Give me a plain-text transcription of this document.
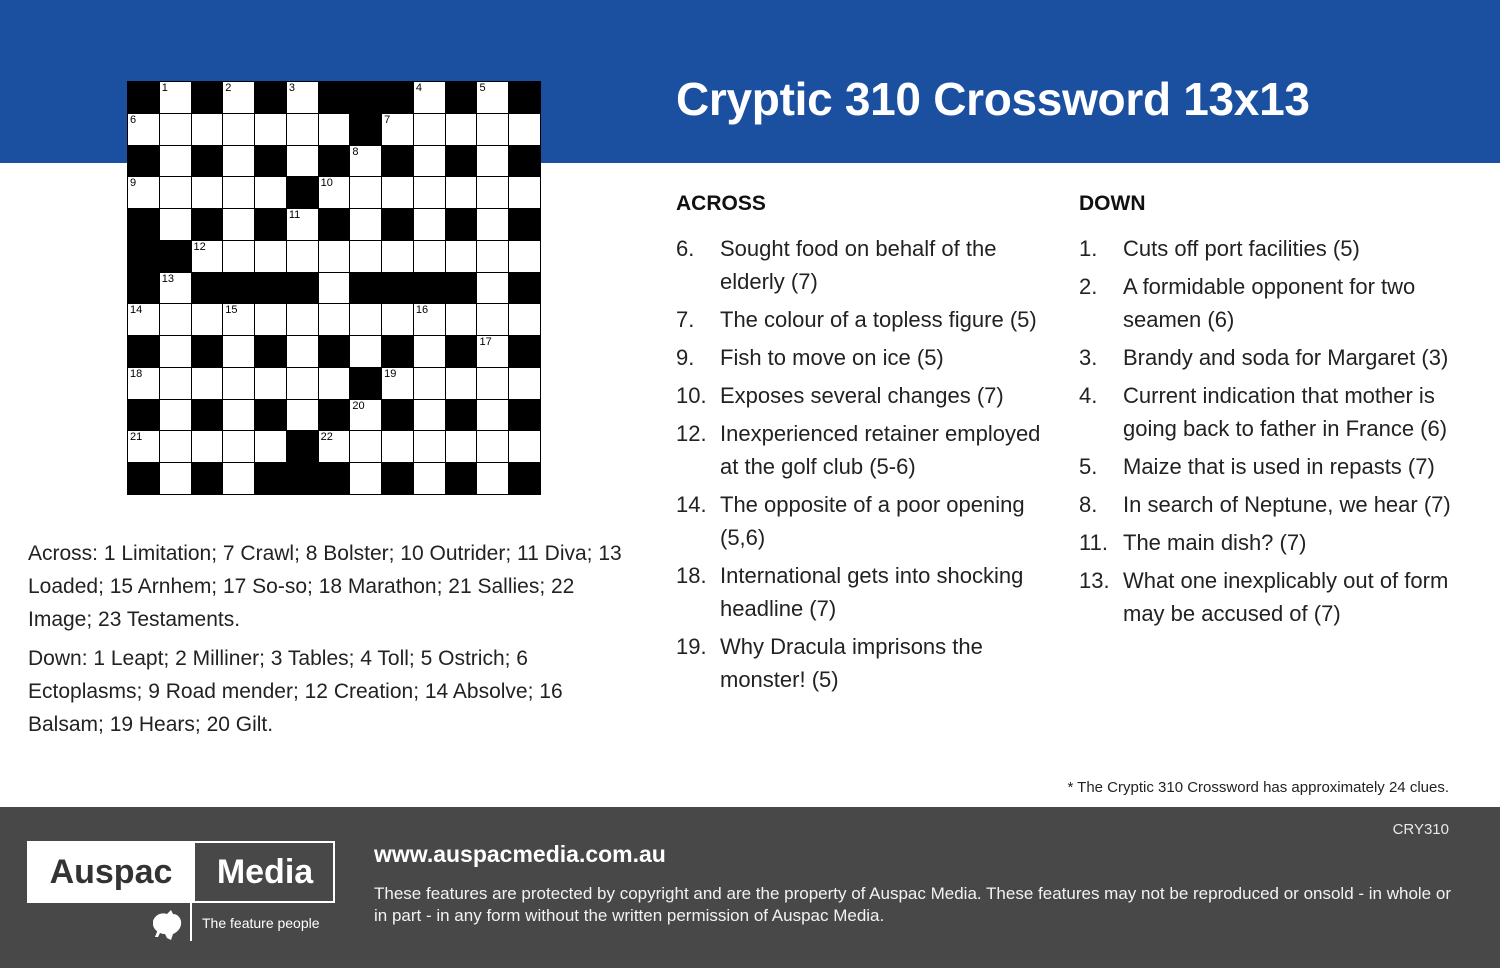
Cryptic 310 Crossword 13x13
1	2	3	4	5
6	7
8
9	10
11
12
13
14	15	16
17
18	19
20
21	22

Across: 1 Limitation; 7 Crawl; 8 Bolster; 10 Outrider; 11 Diva; 13 Loaded; 15 Arnhem; 17 So-so; 18 Marathon; 21 Sallies; 22 Image; 23 Testaments.

Down: 1 Leapt; 2 Milliner; 3 Tables; 4 Toll; 5 Ostrich; 6 Ectoplasms; 9 Road mender; 12 Creation; 14 Absolve; 16 Balsam; 19 Hears; 20 Gilt.

ACROSS
6.	Sought food on behalf of the elderly (7)
7.	The colour of a topless figure (5)
9.	Fish to move on ice (5)
10. Exposes several changes (7)
12. Inexperienced retainer employed at the golf club (5-6)
14. The opposite of a poor opening (5,6)
18. International gets into shocking headline (7)
19. Why Dracula imprisons the monster! (5)
DOWN
1.	Cuts off port facilities (5)
2.	A formidable opponent for two seamen (6)
3.	Brandy and soda for Margaret (3)
4.	Current indication that mother is going back to father in France (6)
5.	Maize that is used in repasts (7)
8.	In search of Neptune, we hear (7)
11. The main dish? (7)
13. What one inexplicably out of form may be accused of (7)
* The Cryptic 310 Crossword has approximately 24 clues.
CRY310
Auspac	Media
The feature people
www.auspacmedia.com.au
These features are protected by copyright and are the property of Auspac Media. These features may not be reproduced or onsold - in whole or in part - in any form without the written permission of Auspac Media.
